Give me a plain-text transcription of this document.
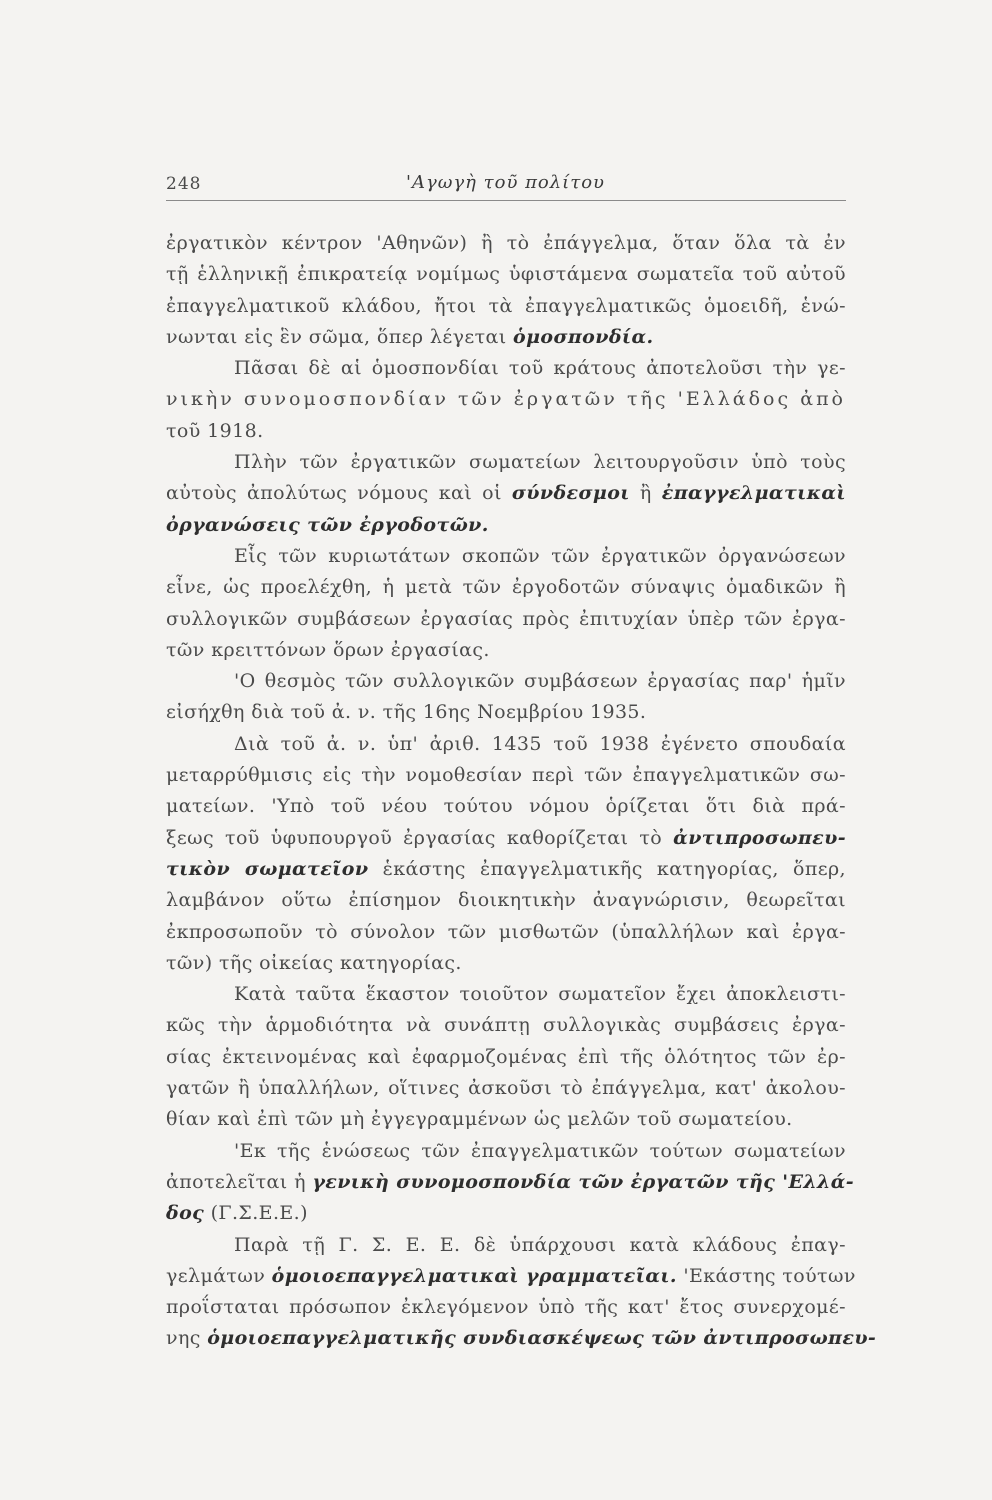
248	'Αγωγὴ τοῦ πολίτου
ἐργατικὸν κέντρον 'Αθηνῶν) ἢ τὸ ἐπάγγελμα, ὅταν ὅλα τὰ ἐν
τῇ ἑλληνικῇ ἐπικρατείᾳ νομίμως ὑφιστάμενα σωματεῖα τοῦ αὐτοῦ
ἐπαγγελματικοῦ κλάδου, ἤτοι τὰ ἐπαγγελματικῶς ὁμοειδῆ, ἑνώ-
νωνται εἰς ἓν σῶμα, ὅπερ λέγεται ὁμοσπονδία.
Πᾶσαι δὲ αἱ ὁμοσπονδίαι τοῦ κράτους ἀποτελοῦσι τὴν γε-
νικὴν συνομοσπονδίαν τῶν ἐργατῶν τῆς 'Ελλάδος ἀπὸ
τοῦ 1918.
Πλὴν τῶν ἐργατικῶν σωματείων λειτουργοῦσιν ὑπὸ τοὺς
αὐτοὺς ἀπολύτως νόμους καὶ οἱ σύνδεσμοι ἢ ἐπαγγελματικαὶ
ὀργανώσεις τῶν ἐργοδοτῶν.
Εἷς τῶν κυριωτάτων σκοπῶν τῶν ἐργατικῶν ὀργανώσεων
εἶνε, ὡς προελέχθη, ἡ μετὰ τῶν ἐργοδοτῶν σύναψις ὁμαδικῶν ἢ
συλλογικῶν συμβάσεων ἐργασίας πρὸς ἐπιτυχίαν ὑπὲρ τῶν ἐργα-
τῶν κρειττόνων ὅρων ἐργασίας.
'Ο θεσμὸς τῶν συλλογικῶν συμβάσεων ἐργασίας παρ' ἡμῖν
εἰσήχθη διὰ τοῦ ἀ. ν. τῆς 16ης Νοεμβρίου 1935.
Διὰ τοῦ ἀ. ν. ὑπ' ἀριθ. 1435 τοῦ 1938 ἐγένετο σπουδαία
μεταρρύθμισις εἰς τὴν νομοθεσίαν περὶ τῶν ἐπαγγελματικῶν σω-
ματείων. 'Υπὸ τοῦ νέου τούτου νόμου ὁρίζεται ὅτι διὰ πρά-
ξεως τοῦ ὑφυπουργοῦ ἐργασίας καθορίζεται τὸ ἀντιπροσωπευ-
τικὸν σωματεῖον ἑκάστης ἐπαγγελματικῆς κατηγορίας, ὅπερ,
λαμβάνον οὕτω ἐπίσημον διοικητικὴν ἀναγνώρισιν, θεωρεῖται
ἐκπροσωποῦν τὸ σύνολον τῶν μισθωτῶν (ὑπαλλήλων καὶ ἐργα-
τῶν) τῆς οἰκείας κατηγορίας.
Κατὰ ταῦτα ἕκαστον τοιοῦτον σωματεῖον ἔχει ἀποκλειστι-
κῶς τὴν ἁρμοδιότητα νὰ συνάπτῃ συλλογικὰς συμβάσεις ἐργα-
σίας ἐκτεινομένας καὶ ἐφαρμοζομένας ἐπὶ τῆς ὁλότητος τῶν ἐρ-
γατῶν ἢ ὑπαλλήλων, οἵτινες ἀσκοῦσι τὸ ἐπάγγελμα, κατ' ἀκολου-
θίαν καὶ ἐπὶ τῶν μὴ ἐγγεγραμμένων ὡς μελῶν τοῦ σωματείου.
'Εκ τῆς ἑνώσεως τῶν ἐπαγγελματικῶν τούτων σωματείων
ἀποτελεῖται ἡ γενικὴ συνομοσπονδία τῶν ἐργατῶν τῆς 'Ελλά-
δος (Γ.Σ.Ε.Ε.)
Παρὰ τῇ Γ. Σ. Ε. Ε. δὲ ὑπάρχουσι κατὰ κλάδους ἐπαγ-
γελμάτων ὁμοιοεπαγγελματικαὶ γραμματεῖαι. 'Εκάστης τούτων
προΐσταται πρόσωπον ἐκλεγόμενον ὑπὸ τῆς κατ' ἔτος συνερχομέ-
νης ὁμοιοεπαγγελματικῆς συνδιασκέψεως τῶν ἀντιπροσωπευ-
